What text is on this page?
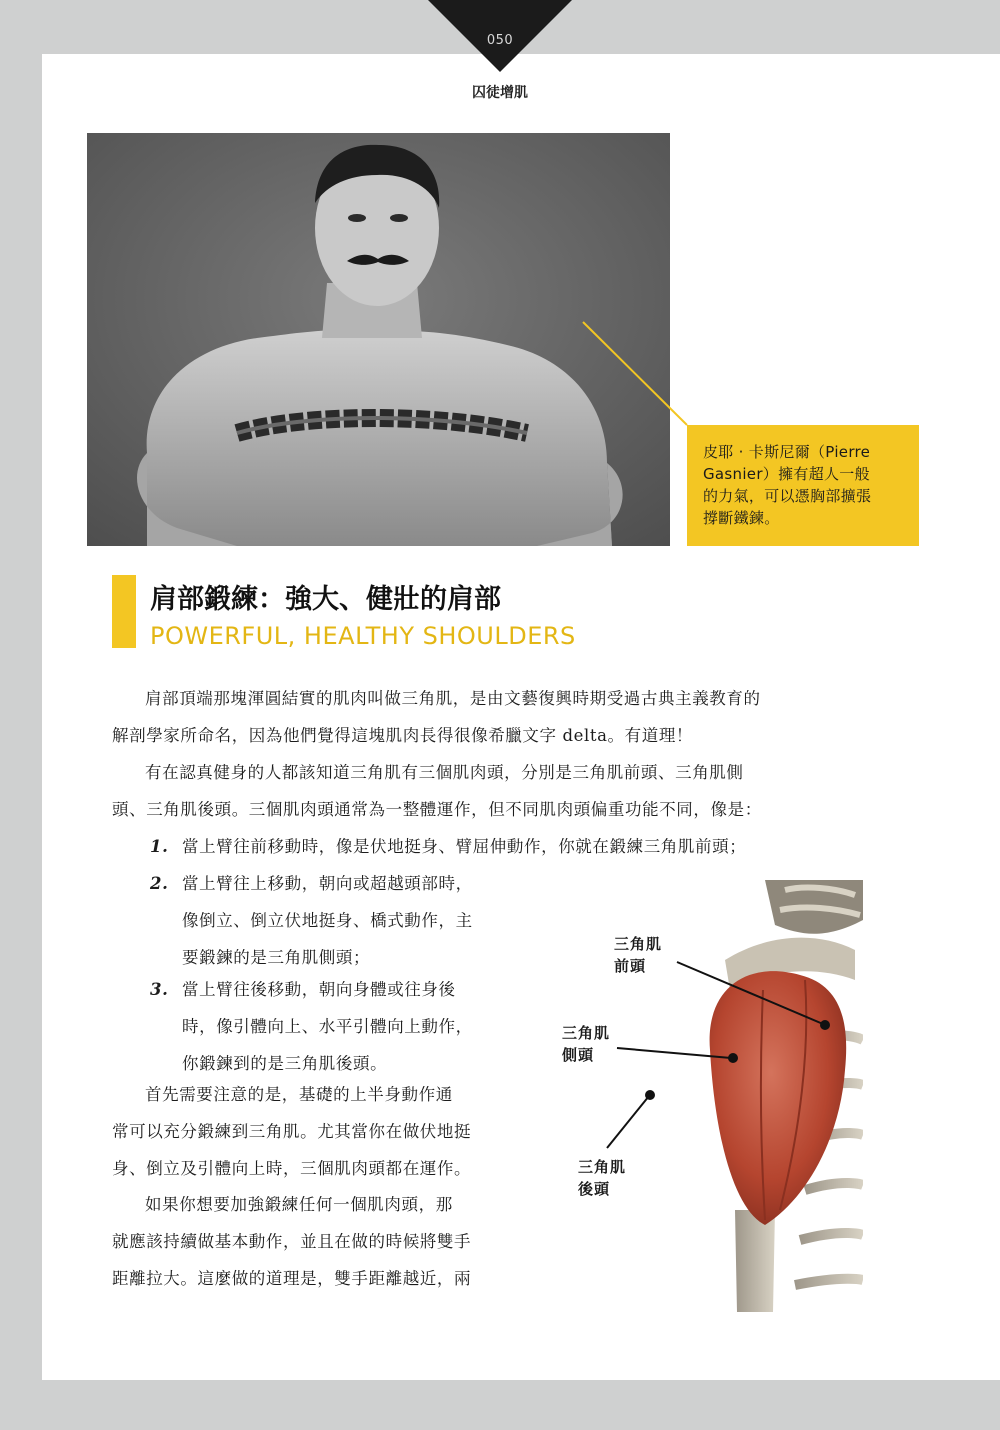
050
囚徒增肌
皮耶 · 卡斯尼爾（Pierre
Gasnier）擁有超人一般
的力氣，可以憑胸部擴張
撐斷鐵鍊。
肩部鍛練：強大、健壯的肩部
POWERFUL, HEALTHY SHOULDERS
肩部頂端那塊渾圓結實的肌肉叫做三角肌，是由文藝復興時期受過古典主義教育的
解剖學家所命名，因為他們覺得這塊肌肉長得很像希臘文字 delta。有道理！
有在認真健身的人都該知道三角肌有三個肌肉頭，分別是三角肌前頭、三角肌側
頭、三角肌後頭。三個肌肉頭通常為一整體運作，但不同肌肉頭偏重功能不同，像是：
1. 當上臂往前移動時，像是伏地挺身、臂屈伸動作，你就在鍛練三角肌前頭；
2. 當上臂往上移動，朝向或超越頭部時，
像倒立、倒立伏地挺身、橋式動作，主
要鍛鍊的是三角肌側頭；
3. 當上臂往後移動，朝向身體或往身後
時，像引體向上、水平引體向上動作，
你鍛鍊到的是三角肌後頭。
首先需要注意的是，基礎的上半身動作通
常可以充分鍛練到三角肌。尤其當你在做伏地挺
身、倒立及引體向上時，三個肌肉頭都在運作。
如果你想要加強鍛練任何一個肌肉頭，那
就應該持續做基本動作，並且在做的時候將雙手
距離拉大。這麼做的道理是，雙手距離越近，兩
三角肌
前頭
三角肌
側頭
三角肌
後頭
